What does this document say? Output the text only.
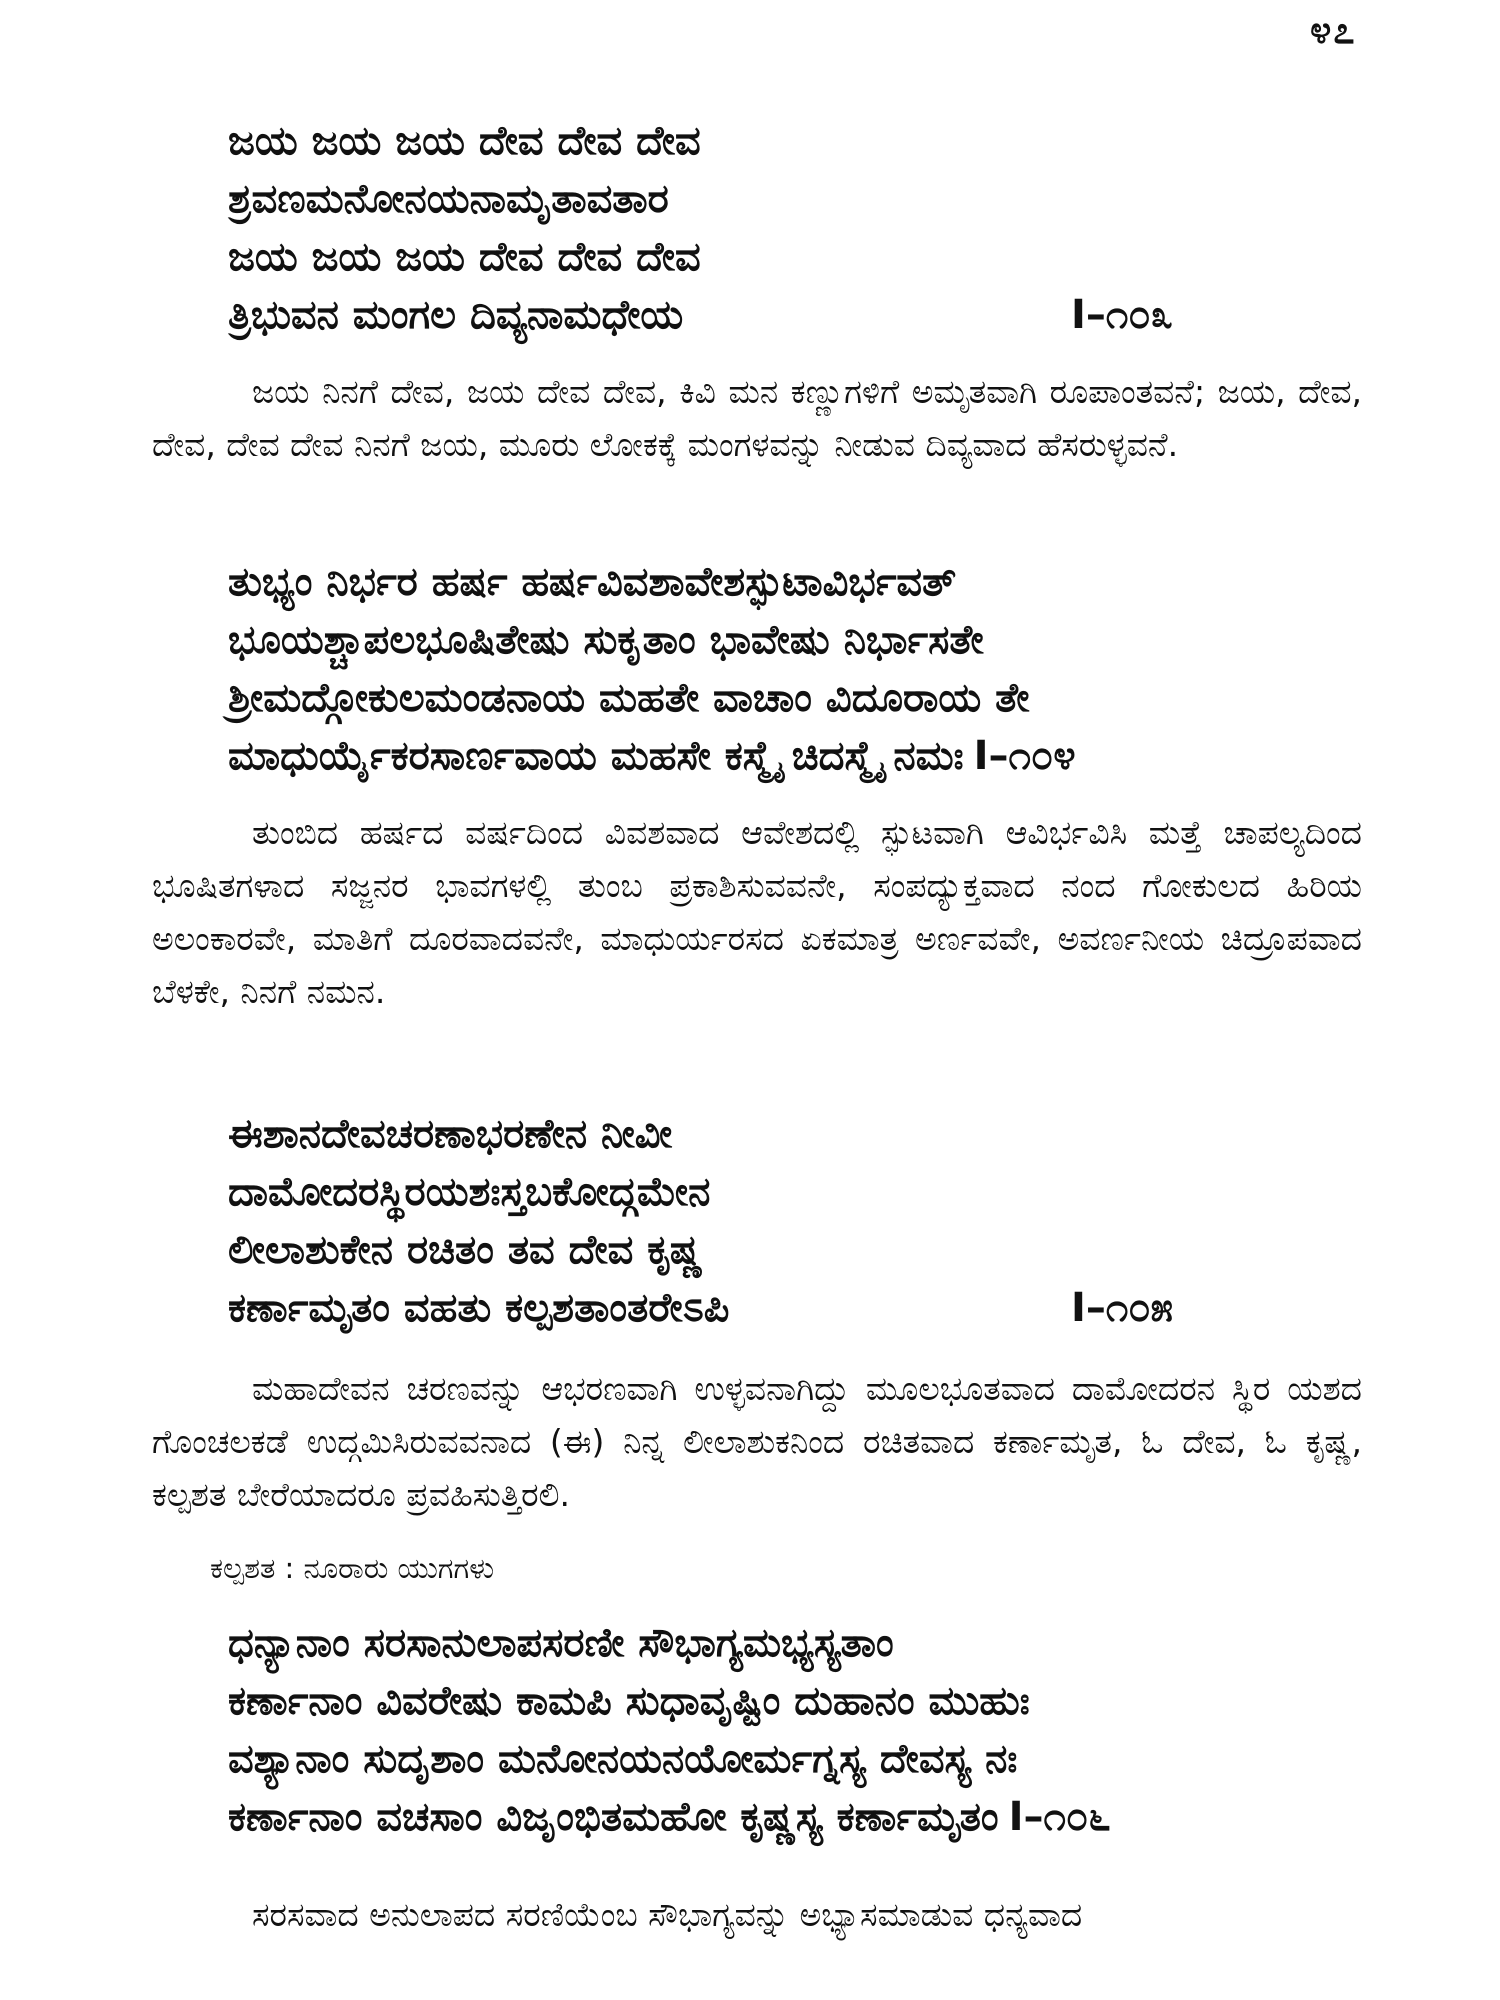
೪೭
ಜಯ ಜಯ ಜಯ ದೇವ ದೇವ ದೇವ
ಶ್ರವಣಮನೋನಯನಾಮೃತಾವತಾರ
ಜಯ ಜಯ ಜಯ ದೇವ ದೇವ ದೇವ
ತ್ರಿಭುವನ ಮಂಗಲ ದಿವ್ಯನಾಮಧೇಯ	I–೧೦೩
ಜಯ ನಿನಗೆ ದೇವ, ಜಯ ದೇವ ದೇವ, ಕಿವಿ ಮನ ಕಣ್ಣುಗಳಿಗೆ ಅಮೃತವಾಗಿ ರೂಪಾಂತವನೆ; ಜಯ, ದೇವ, ದೇವ, ದೇವ ದೇವ ನಿನಗೆ ಜಯ, ಮೂರು ಲೋಕಕ್ಕೆ ಮಂಗಳವನ್ನು ನೀಡುವ ದಿವ್ಯವಾದ ಹೆಸರುಳ್ಳವನೆ.
ತುಭ್ಯಂ ನಿರ್ಭರ ಹರ್ಷ ಹರ್ಷವಿವಶಾವೇಶಸ್ಫುಟಾವಿರ್ಭವತ್
ಭೂಯಶ್ಚಾಪಲಭೂಷಿತೇಷು ಸುಕೃತಾಂ ಭಾವೇಷು ನಿರ್ಭಾಸತೇ
ಶ್ರೀಮದ್ಗೋಕುಲಮಂಡನಾಯ ಮಹತೇ ವಾಚಾಂ ವಿದೂರಾಯ ತೇ
ಮಾಧುರ್ಯೈಕರಸಾರ್ಣವಾಯ ಮಹಸೇ ಕಸ್ಮೈ ಚಿದಸ್ಮೈ ನಮಃ I–೧೦೪
ತುಂಬಿದ ಹರ್ಷದ ವರ್ಷದಿಂದ ವಿವಶವಾದ ಆವೇಶದಲ್ಲಿ ಸ್ಫುಟವಾಗಿ ಆವಿರ್ಭವಿಸಿ ಮತ್ತೆ ಚಾಪಲ್ಯದಿಂದ ಭೂಷಿತಗಳಾದ ಸಜ್ಜನರ ಭಾವಗಳಲ್ಲಿ ತುಂಬ ಪ್ರಕಾಶಿಸುವವನೇ, ಸಂಪದ್ಯುಕ್ತವಾದ ನಂದ ಗೋಕುಲದ ಹಿರಿಯ ಅಲಂಕಾರವೇ, ಮಾತಿಗೆ ದೂರವಾದವನೇ, ಮಾಧುರ್ಯರಸದ ಏಕಮಾತ್ರ ಅರ್ಣವವೇ, ಅವರ್ಣನೀಯ ಚಿದ್ರೂಪವಾದ ಬೆಳಕೇ, ನಿನಗೆ ನಮನ.
ಈಶಾನದೇವಚರಣಾಭರಣೇನ ನೀವೀ
ದಾಮೋದರಸ್ಥಿರಯಶಃಸ್ತಬಕೋದ್ಗಮೇನ
ಲೀಲಾಶುಕೇನ ರಚಿತಂ ತವ ದೇವ ಕೃಷ್ಣ
ಕರ್ಣಾಮೃತಂ ವಹತು ಕಲ್ಪಶತಾಂತರೇಽಪಿ	I–೧೦೫
ಮಹಾದೇವನ ಚರಣವನ್ನು ಆಭರಣವಾಗಿ ಉಳ್ಳವನಾಗಿದ್ದು ಮೂಲಭೂತವಾದ ದಾಮೋದರನ ಸ್ಥಿರ ಯಶದ ಗೊಂಚಲಕಡೆ ಉದ್ಗಮಿಸಿರುವವನಾದ (ಈ) ನಿನ್ನ ಲೀಲಾಶುಕನಿಂದ ರಚಿತವಾದ ಕರ್ಣಾಮೃತ, ಓ ದೇವ, ಓ ಕೃಷ್ಣ, ಕಲ್ಪಶತ ಬೇರೆಯಾದರೂ ಪ್ರವಹಿಸುತ್ತಿರಲಿ.
ಕಲ್ಪಶತ : ನೂರಾರು ಯುಗಗಳು
ಧನ್ಯಾನಾಂ ಸರಸಾನುಲಾಪಸರಣೀ ಸೌಭಾಗ್ಯಮಭ್ಯಸ್ಯತಾಂ
ಕರ್ಣಾನಾಂ ವಿವರೇಷು ಕಾಮಪಿ ಸುಧಾವೃಷ್ಟಿಂ ದುಹಾನಂ ಮುಹುಃ
ವಶ್ಯಾನಾಂ ಸುದೃಶಾಂ ಮನೋನಯನಯೋರ್ಮಗ್ನಸ್ಯ ದೇವಸ್ಯ ನಃ
ಕರ್ಣಾನಾಂ ವಚಸಾಂ ವಿಜೃಂಭಿತಮಹೋ ಕೃಷ್ಣಸ್ಯ ಕರ್ಣಾಮೃತಂ I–೧೦೬
ಸರಸವಾದ ಅನುಲಾಪದ ಸರಣಿಯೆಂಬ ಸೌಭಾಗ್ಯವನ್ನು ಅಭ್ಯಾಸಮಾಡುವ ಧನ್ಯವಾದ
